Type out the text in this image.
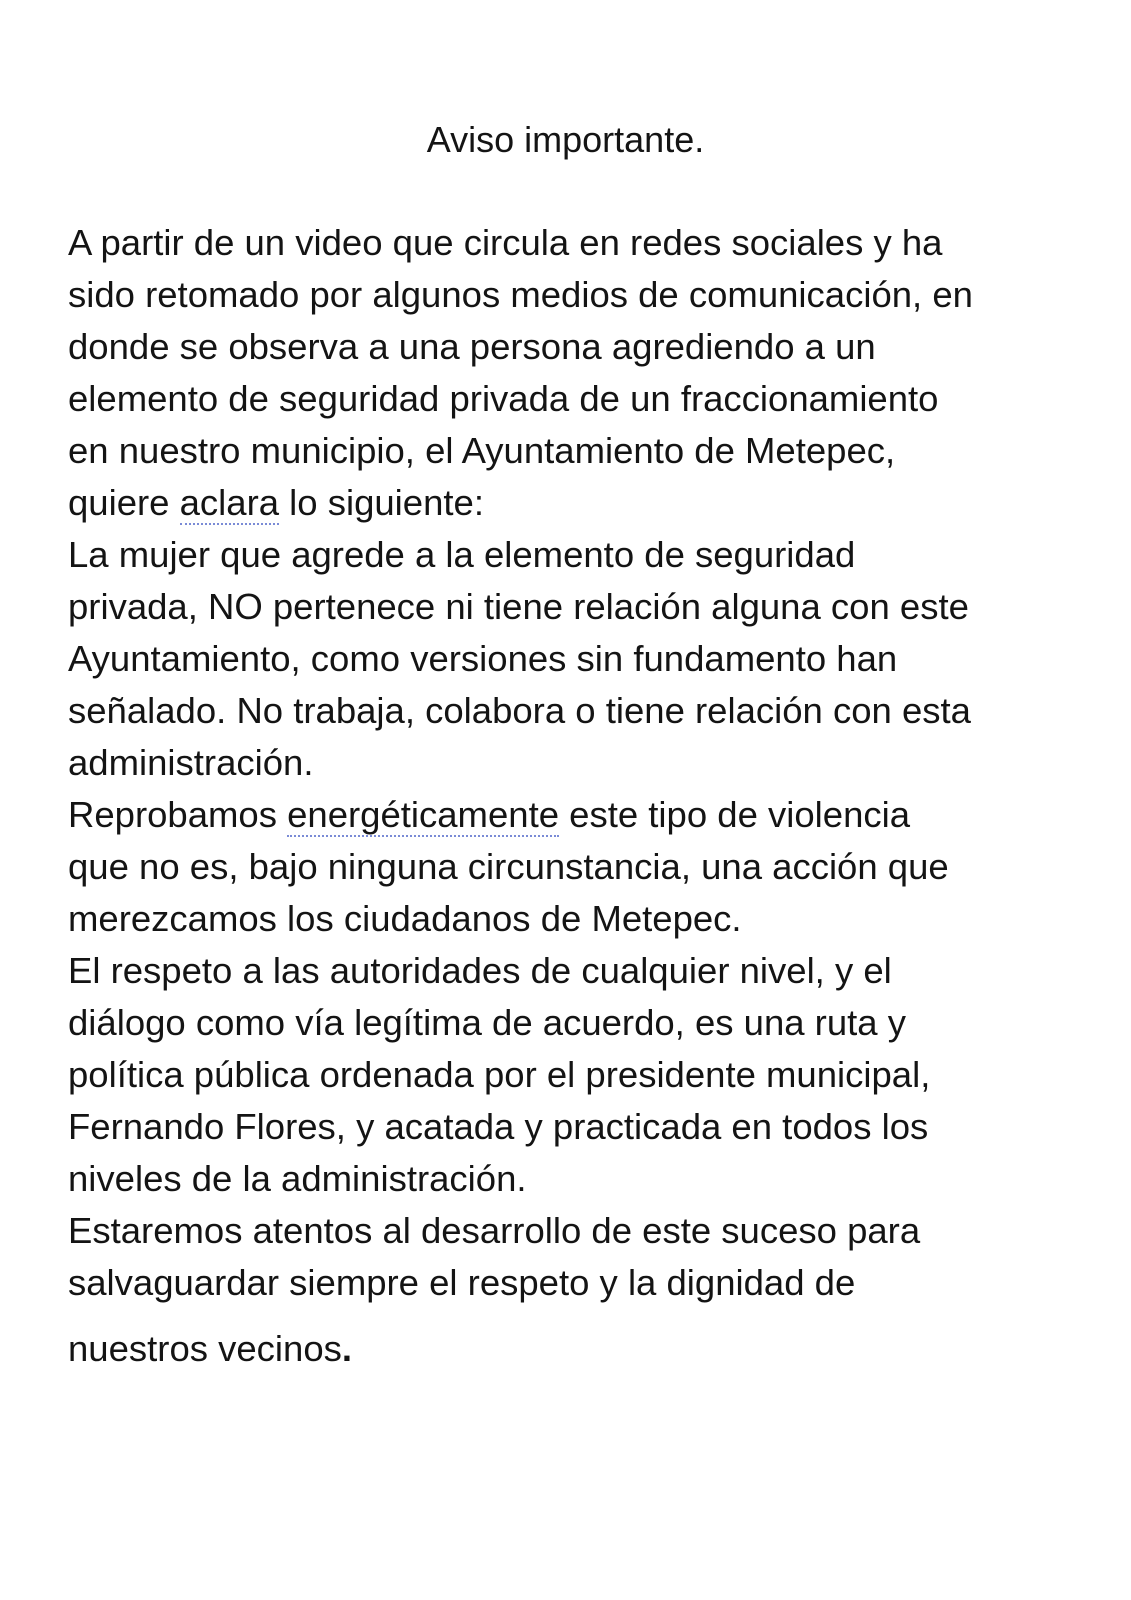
Aviso importante.
A partir de un video que circula en redes sociales y ha
sido retomado por algunos medios de comunicación, en
donde se observa a una persona agrediendo a un
elemento de seguridad privada de un fraccionamiento
en nuestro municipio, el Ayuntamiento de Metepec,
quiere aclara lo siguiente:
La mujer que agrede a la elemento de seguridad
privada, NO pertenece ni tiene relación alguna con este
Ayuntamiento, como versiones sin fundamento han
señalado. No trabaja, colabora o tiene relación con esta
administración.
Reprobamos energéticamente este tipo de violencia
que no es, bajo ninguna circunstancia, una acción que
merezcamos los ciudadanos de Metepec.
El respeto a las autoridades de cualquier nivel, y el
diálogo como vía legítima de acuerdo, es una ruta y
política pública ordenada por el presidente municipal,
Fernando Flores, y acatada y practicada en todos los
niveles de la administración.
Estaremos atentos al desarrollo de este suceso para
salvaguardar siempre el respeto y la dignidad de
nuestros vecinos.
